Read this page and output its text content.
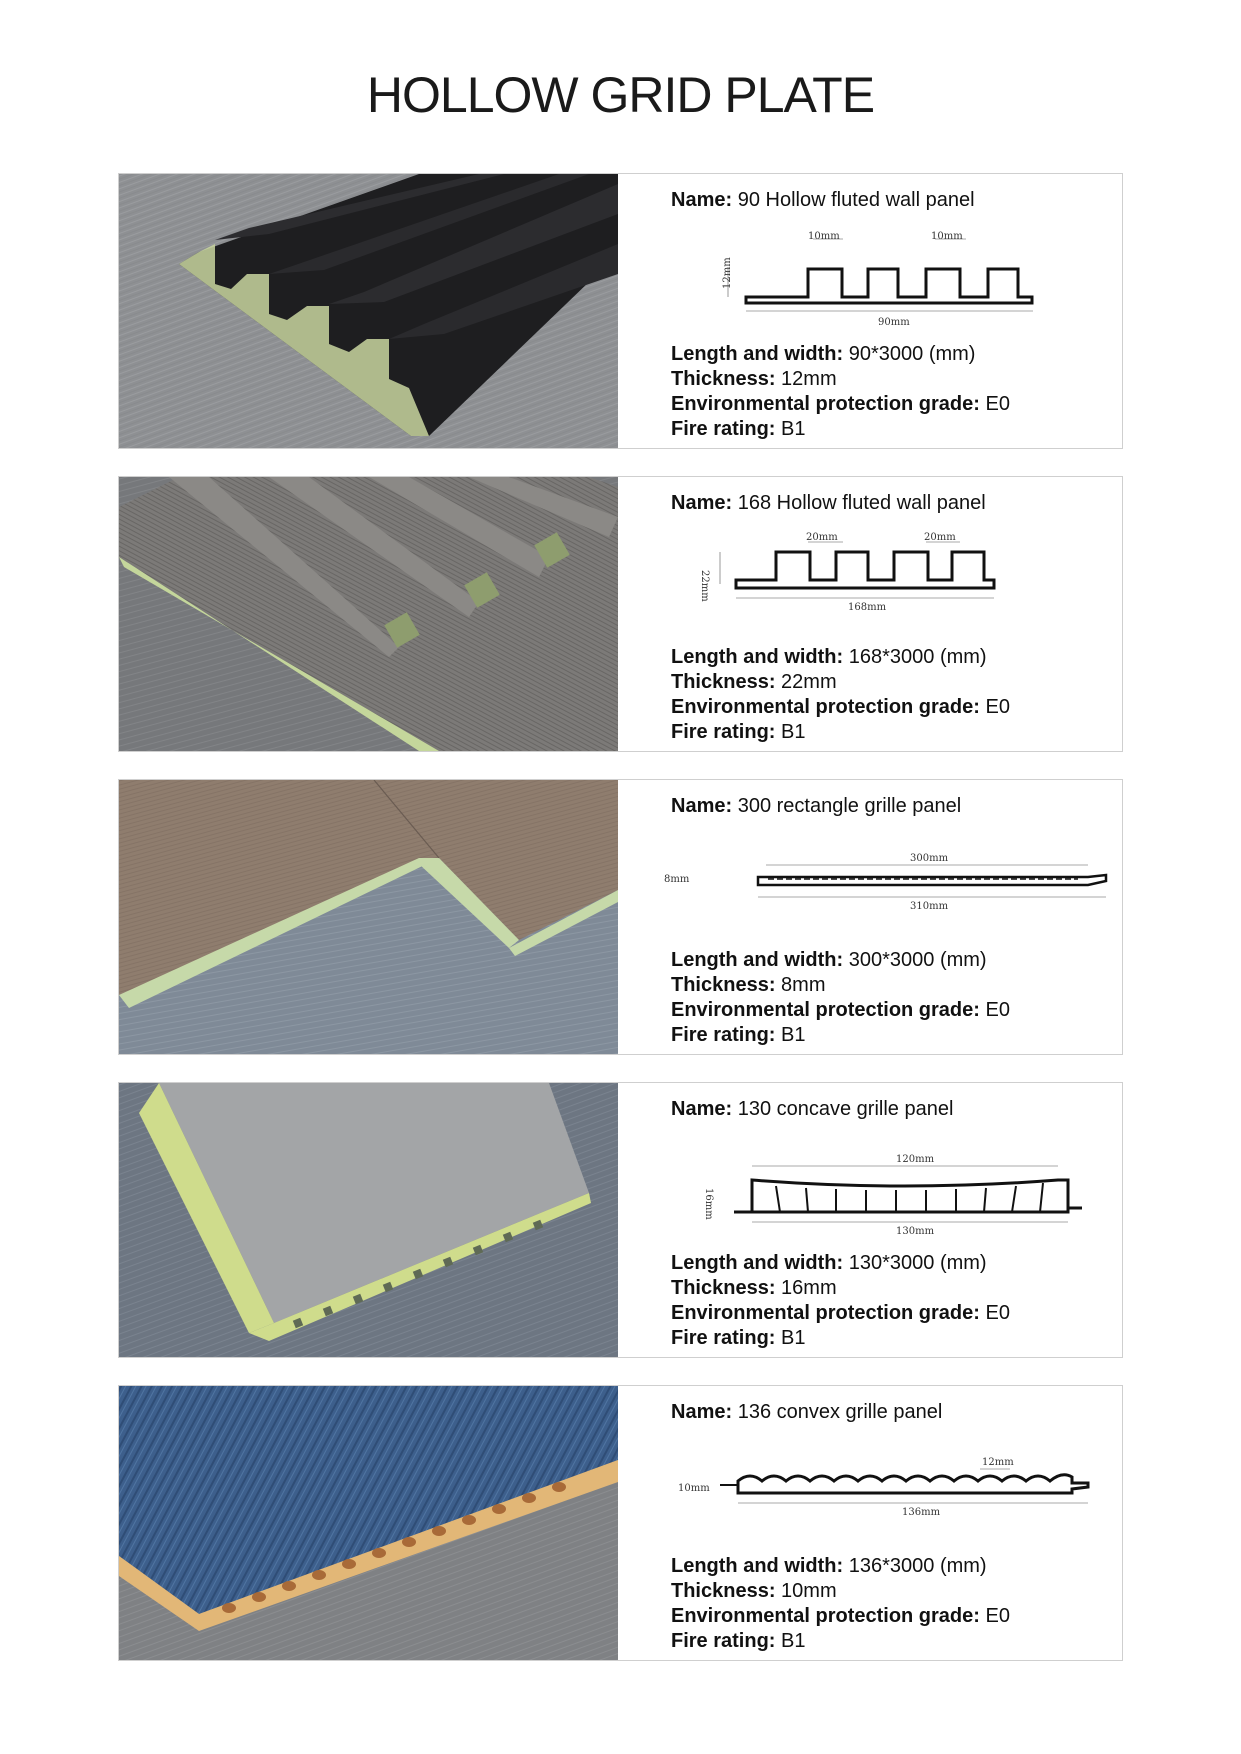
HOLLOW GRID PLATE
Name: 90 Hollow fluted wall panel
10mm	10mm
12mm
90mm
Length and width: 90*3000 (mm)
Thickness: 12mm
Environmental protection grade: E0
Fire rating: B1
Name: 168 Hollow fluted wall panel
20mm	20mm
22mm
168mm
Length and width: 168*3000 (mm)
Thickness: 22mm
Environmental protection grade: E0
Fire rating: B1
Name: 300 rectangle grille panel
300mm
8mm
310mm
Length and width: 300*3000 (mm)
Thickness: 8mm
Environmental protection grade: E0
Fire rating: B1
Name: 130 concave grille panel
120mm
16mm
130mm
Length and width: 130*3000 (mm)
Thickness: 16mm
Environmental protection grade: E0
Fire rating: B1
Name: 136 convex grille panel
12mm
10mm
136mm
Length and width: 136*3000 (mm)
Thickness: 10mm
Environmental protection grade: E0
Fire rating: B1
